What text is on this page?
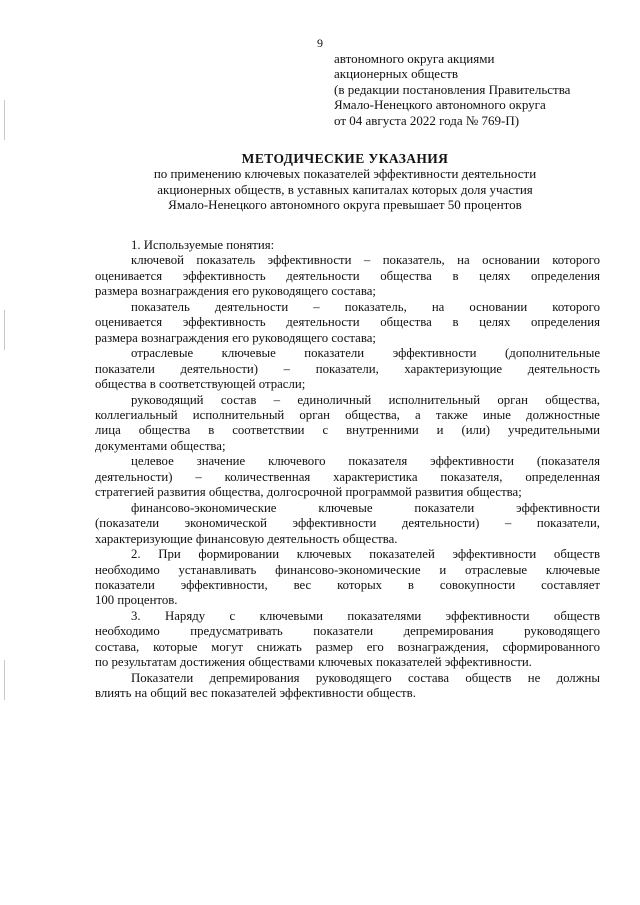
9
автономного округа акциями
акционерных обществ
(в редакции постановления Правительства
Ямало-Ненецкого автономного округа
от 04 августа 2022 года № 769-П)
МЕТОДИЧЕСКИЕ УКАЗАНИЯ
по применению ключевых показателей эффективности деятельности
акционерных обществ, в уставных капиталах которых доля участия
Ямало-Ненецкого автономного округа превышает 50 процентов
1. Используемые понятия:
ключевой показатель эффективности – показатель, на основании которого
оценивается эффективность деятельности общества в целях определения
размера вознаграждения его руководящего состава;
показатель деятельности – показатель, на основании которого
оценивается эффективность деятельности общества в целях определения
размера вознаграждения его руководящего состава;
отраслевые ключевые показатели эффективности (дополнительные
показатели деятельности) – показатели, характеризующие деятельность
общества в соответствующей отрасли;
руководящий состав – единоличный исполнительный орган общества,
коллегиальный исполнительный орган общества, а также иные должностные
лица общества в соответствии с внутренними и (или) учредительными
документами общества;
целевое значение ключевого показателя эффективности (показателя
деятельности) – количественная характеристика показателя, определенная
стратегией развития общества, долгосрочной программой развития общества;
финансово-экономические ключевые показатели эффективности
(показатели экономической эффективности деятельности) – показатели,
характеризующие финансовую деятельность общества.
2. При формировании ключевых показателей эффективности обществ
необходимо устанавливать финансово-экономические и отраслевые ключевые
показатели эффективности, вес которых в совокупности составляет
100 процентов.
3. Наряду с ключевыми показателями эффективности обществ
необходимо предусматривать показатели депремирования руководящего
состава, которые могут снижать размер его вознаграждения, сформированного
по результатам достижения обществами ключевых показателей эффективности.
Показатели депремирования руководящего состава обществ не должны
влиять на общий вес показателей эффективности обществ.
